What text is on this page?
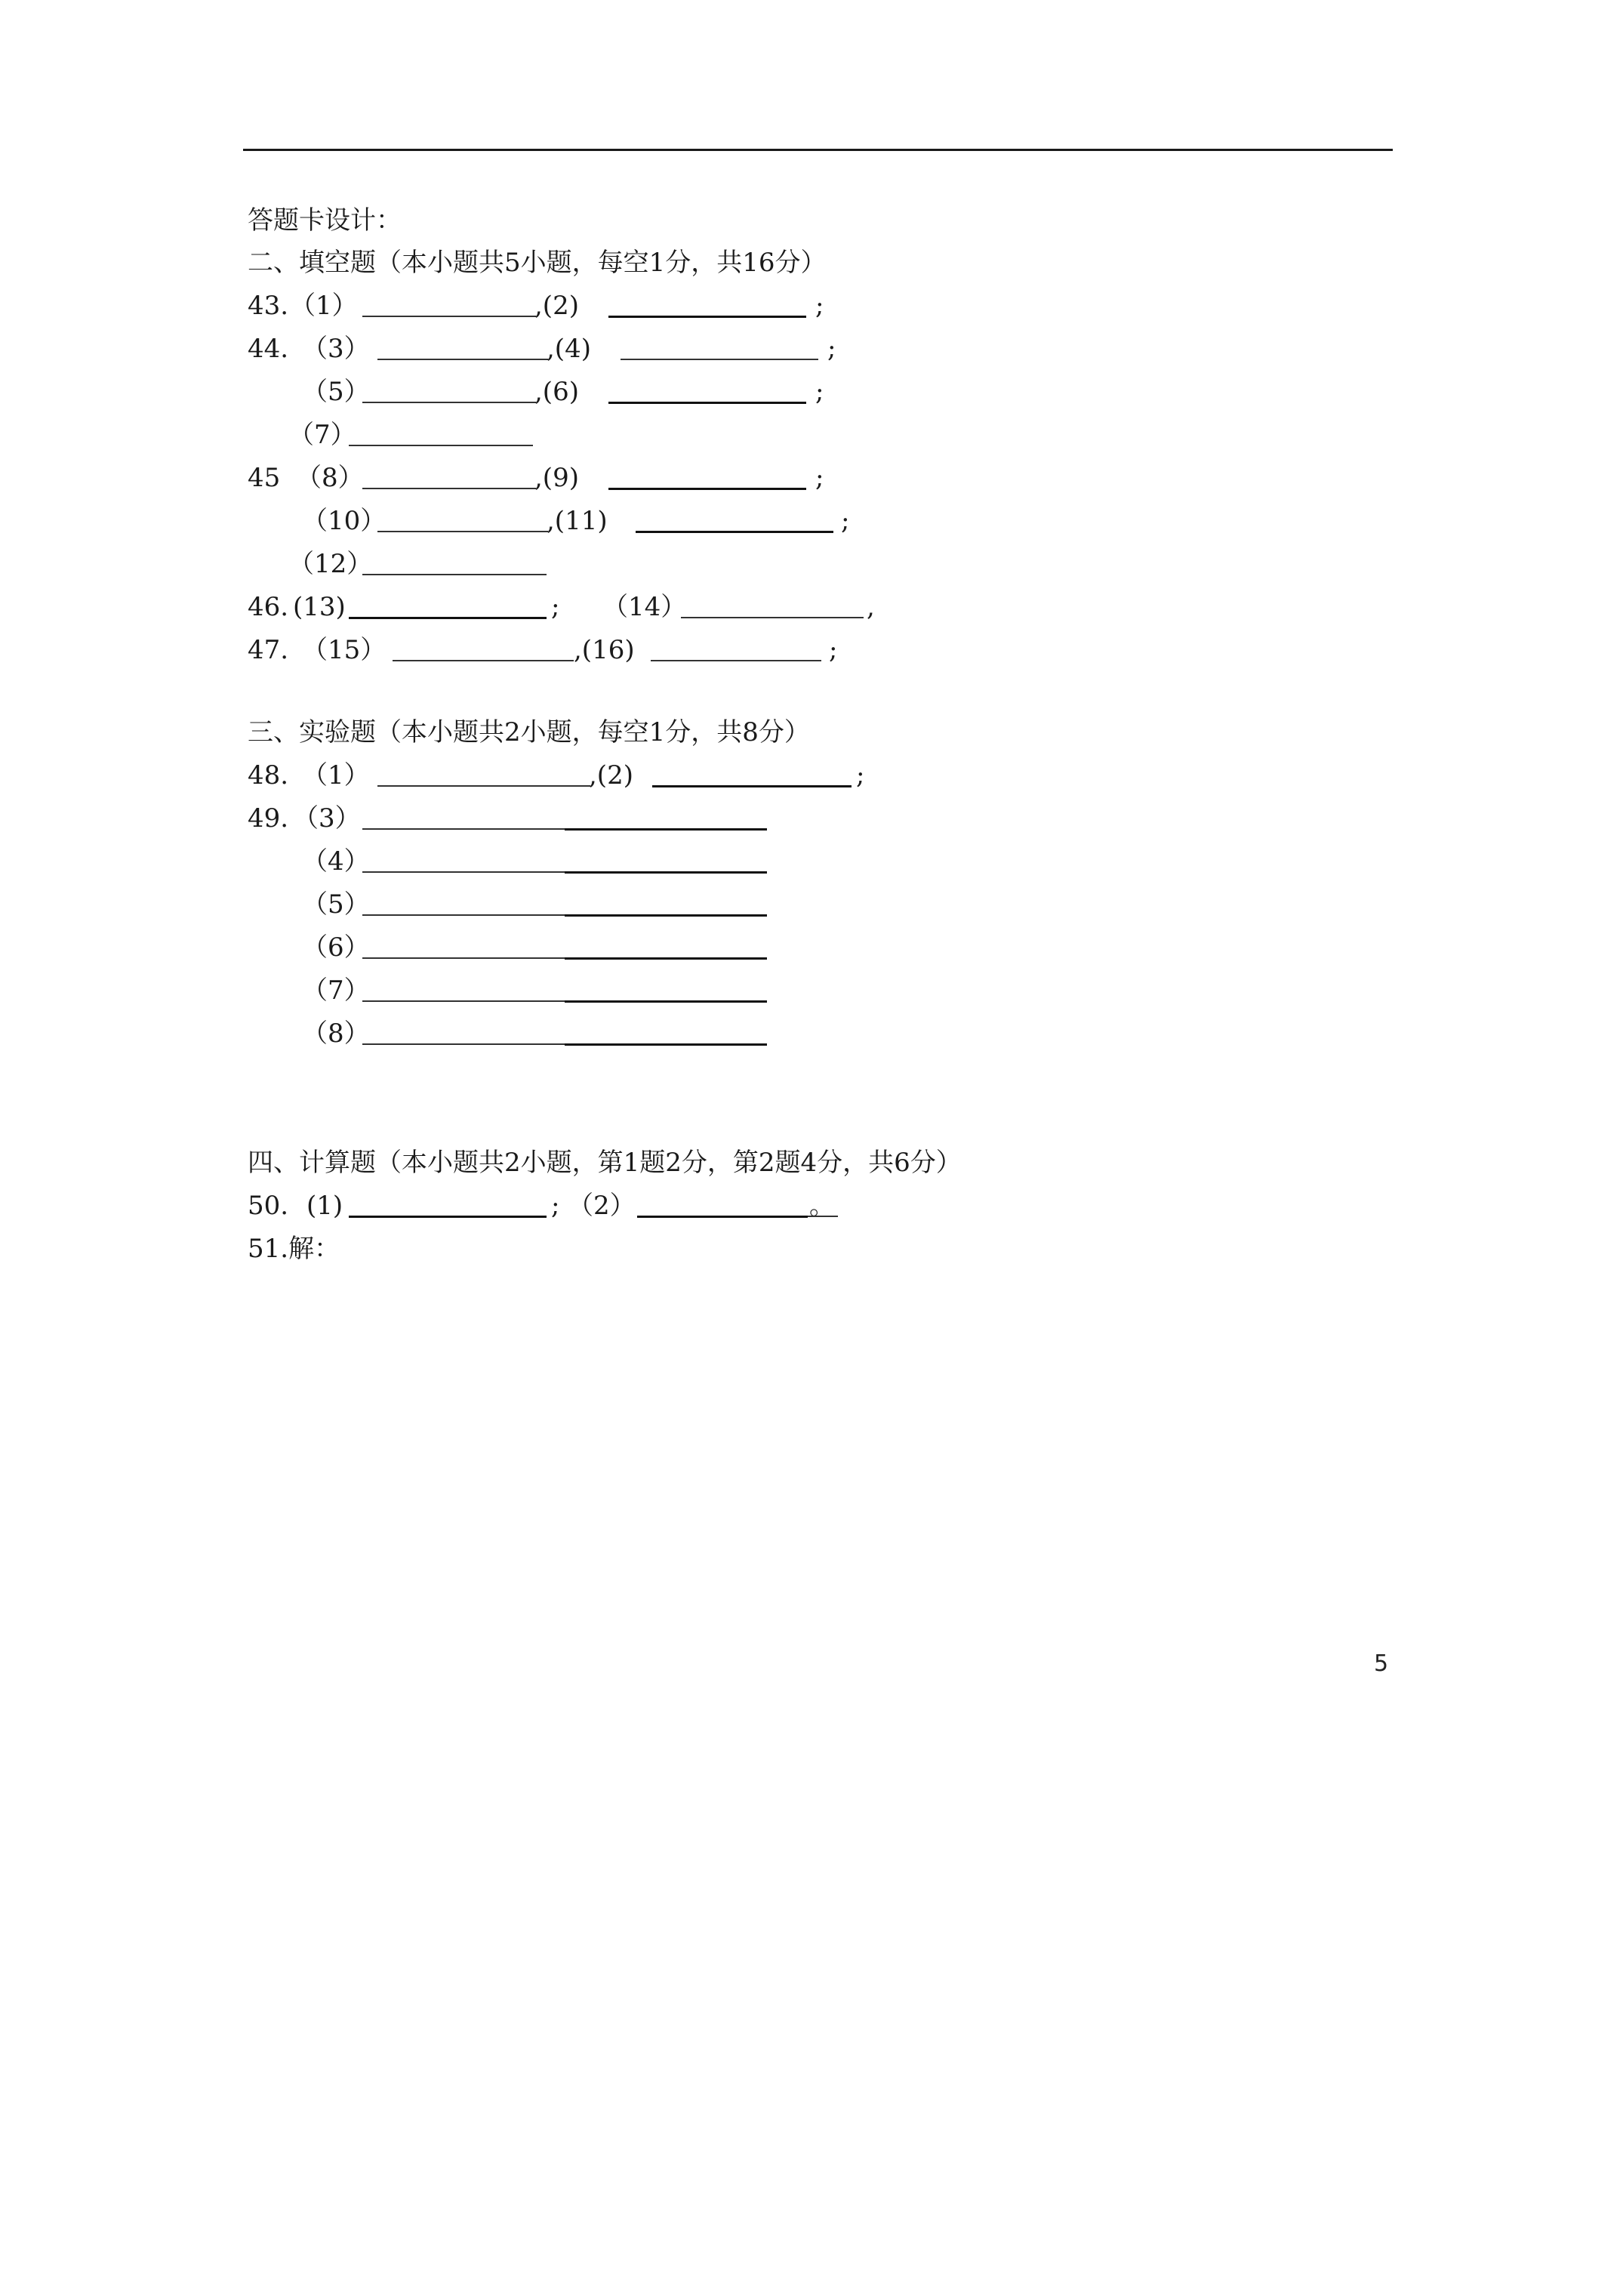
答题卡设计：
二、填空题（本小题共5小题，每空1分，共16分）
43. （1）	,(2)	;
44. （3）	,(4)	;
（5）	,(6)	;
（7）
45 （8）	,(9)	;
（10）	,(11)	;
（12）
46. (13)	; （14）	,
47. （15）	,(16)	;
三、实验题（本小题共2小题，每空1分，共8分）
48. （1）	,(2)	;
49. （3）
（4）
（5）
（6）
（7）
（8）
四、计算题（本小题共2小题，第1题2分，第2题4分，共6分）
50. (1)	; （2）	。
51.解：
5
